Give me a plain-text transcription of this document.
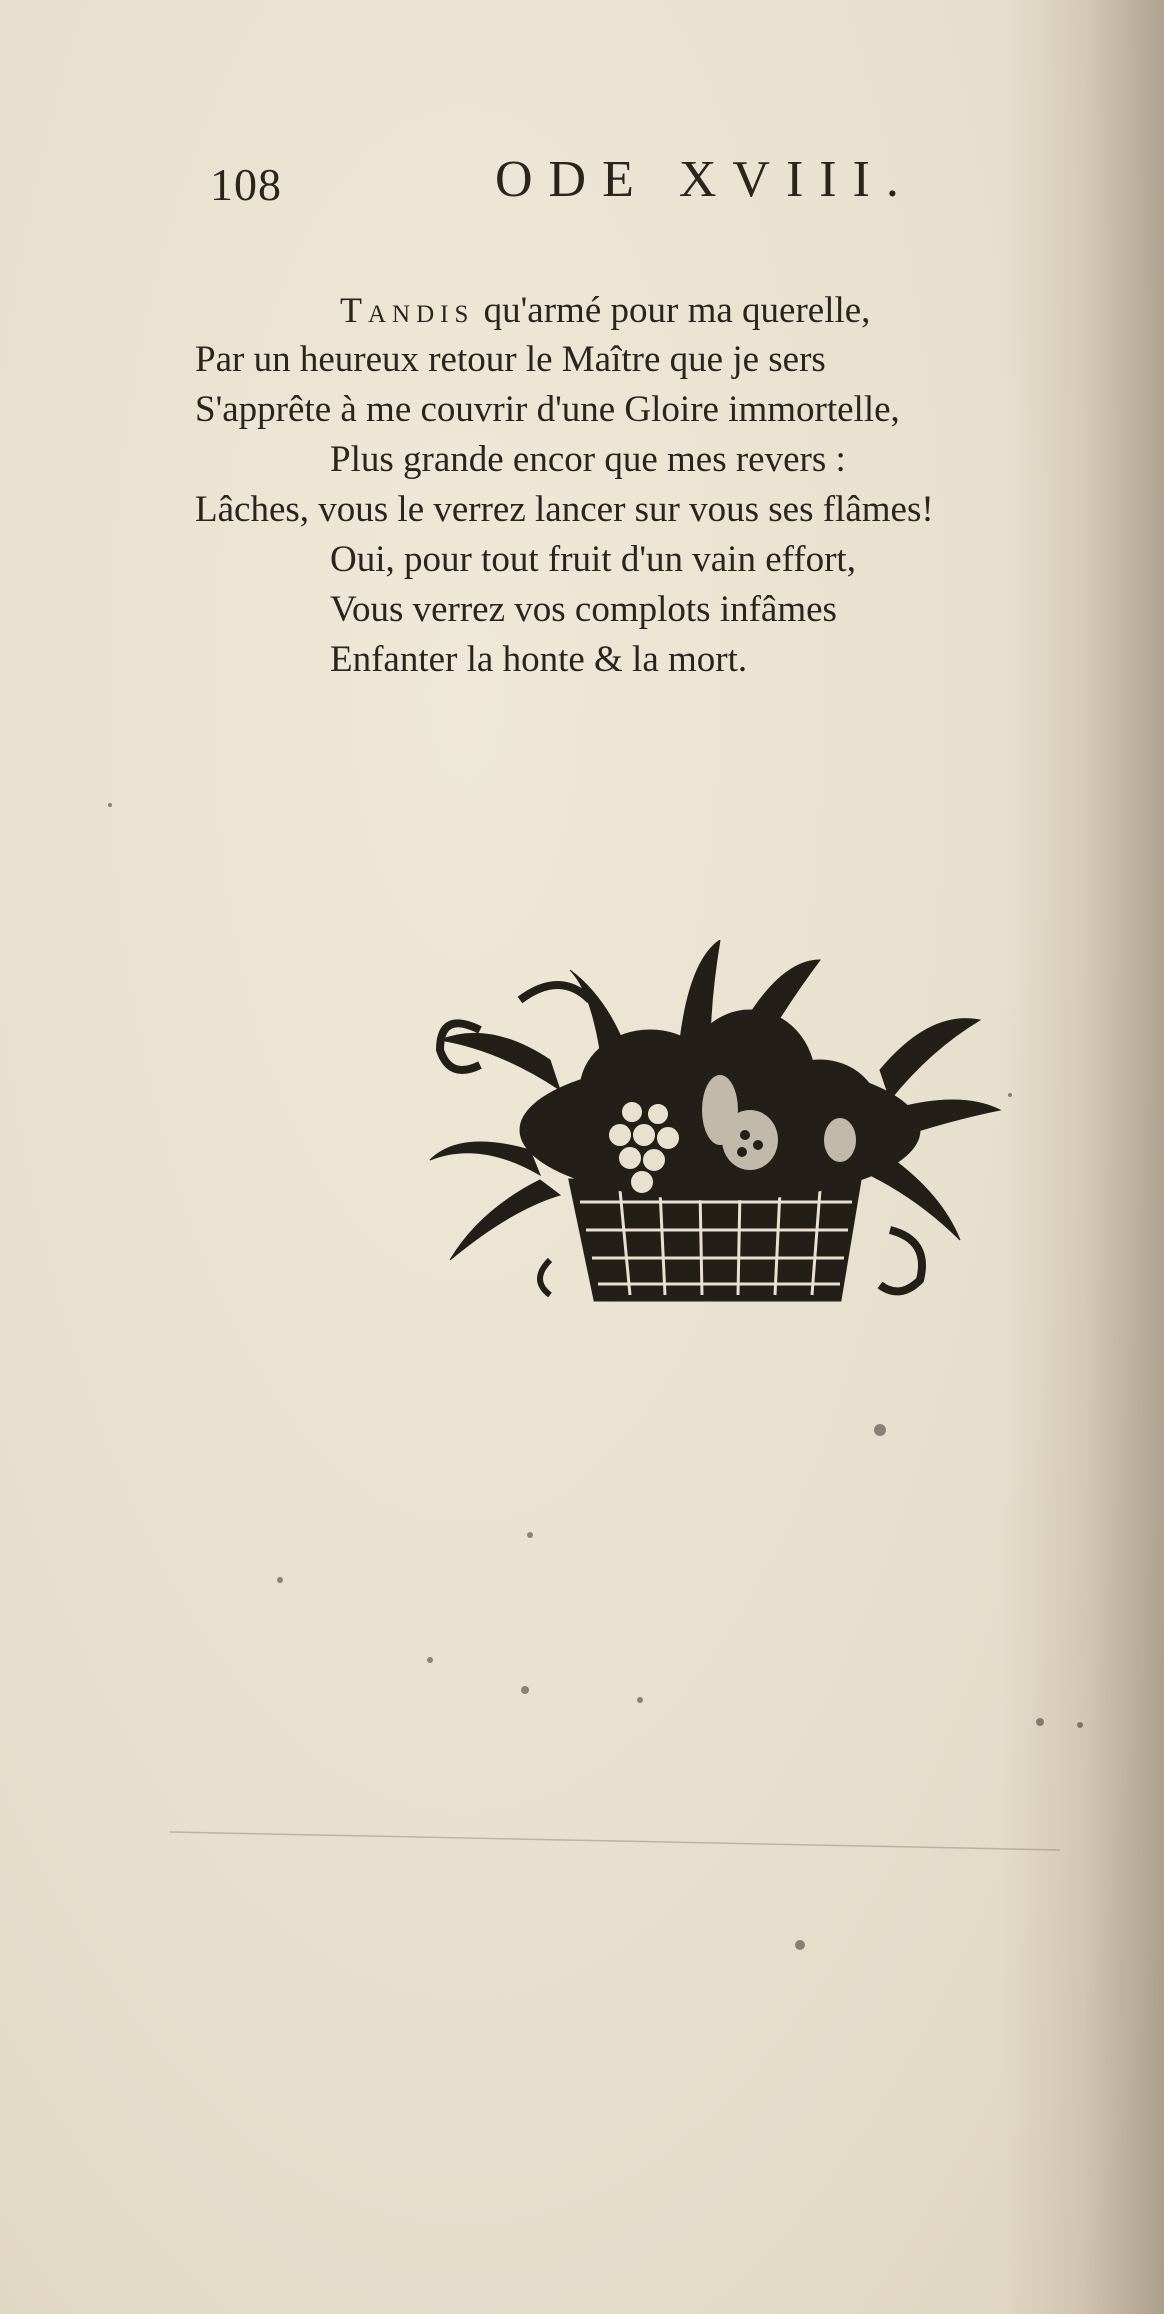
108	ODE XVIII.
Tandis qu'armé pour ma querelle,
Par un heureux retour le Maître que je sers
S'apprête à me couvrir d'une Gloire immortelle,
Plus grande encor que mes revers :
Lâches, vous le verrez lancer sur vous ses flâmes!
Oui, pour tout fruit d'un vain effort,
Vous verrez vos complots infâmes
Enfanter la honte & la mort.
